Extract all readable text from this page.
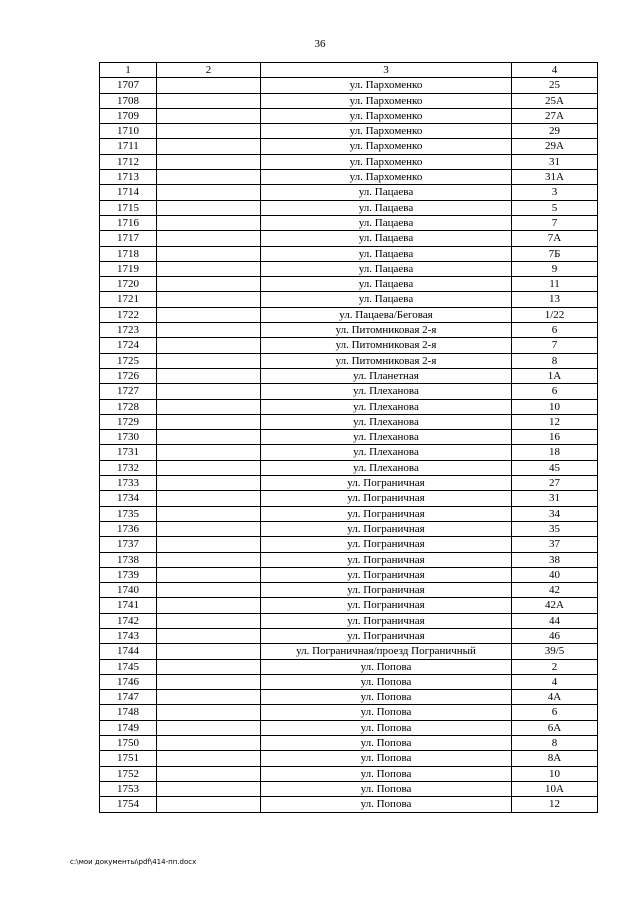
36
1	2	3	4
1707		ул. Пархоменко	25
1708		ул. Пархоменко	25А
1709		ул. Пархоменко	27А
1710		ул. Пархоменко	29
1711		ул. Пархоменко	29А
1712		ул. Пархоменко	31
1713		ул. Пархоменко	31А
1714		ул. Пацаева	3
1715		ул. Пацаева	5
1716		ул. Пацаева	7
1717		ул. Пацаева	7А
1718		ул. Пацаева	7Б
1719		ул. Пацаева	9
1720		ул. Пацаева	11
1721		ул. Пацаева	13
1722		ул. Пацаева/Беговая	1/22
1723		ул. Питомниковая 2-я	6
1724		ул. Питомниковая 2-я	7
1725		ул. Питомниковая 2-я	8
1726		ул. Планетная	1А
1727		ул. Плеханова	6
1728		ул. Плеханова	10
1729		ул. Плеханова	12
1730		ул. Плеханова	16
1731		ул. Плеханова	18
1732		ул. Плеханова	45
1733		ул. Пограничная	27
1734		ул. Пограничная	31
1735		ул. Пограничная	34
1736		ул. Пограничная	35
1737		ул. Пограничная	37
1738		ул. Пограничная	38
1739		ул. Пограничная	40
1740		ул. Пограничная	42
1741		ул. Пограничная	42А
1742		ул. Пограничная	44
1743		ул. Пограничная	46
1744		ул. Пограничная/проезд Пограничный	39/5
1745		ул. Попова	2
1746		ул. Попова	4
1747		ул. Попова	4А
1748		ул. Попова	6
1749		ул. Попова	6А
1750		ул. Попова	8
1751		ул. Попова	8А
1752		ул. Попова	10
1753		ул. Попова	10А
1754		ул. Попова	12
c:\мои документы\pdf\414-пп.docx
